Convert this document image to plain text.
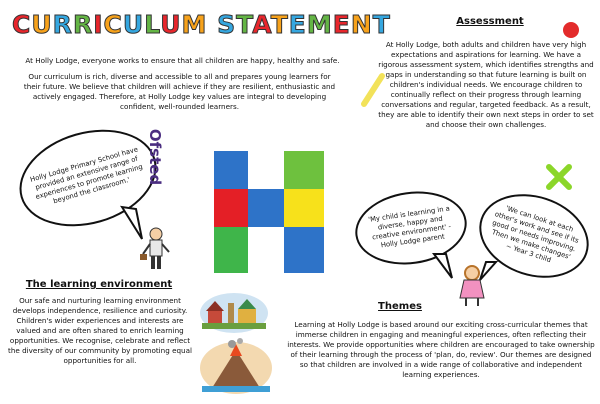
CURRICULUM STATEMENT

At Holly Lodge, everyone works to ensure that all children are happy, healthy and safe.

Our curriculum is rich, diverse and accessible to all and prepares young learners for their future. We believe that children will achieve if they are resilient, enthusiastic and actively engaged. Therefore, at Holly Lodge key values are integral to developing confident, well-rounded learners.

Assessment

At Holly Lodge, both adults and children have very high expectations and aspirations for learning. We have a rigorous assessment system, which identifies strengths and gaps in understanding so that future learning is built on children's individual needs. We encourage children to continually reflect on their progress through learning conversations and regular, targeted feedback. As a result, they are able to identify their own next steps in order to set and choose their own challenges.

Holly Lodge Primary School have provided an extensive range of experiences to promote learning beyond the classroom.'
Ofsted
'My child is learning in a diverse, happy and creative environment' - Holly Lodge parent
'We can look at each other's work and see if its good or needs improving. Then we make changes' ~ Year 3 child

The learning environment

Our safe and nurturing learning environment develops independence, resilience and curiosity. Children's wider experiences and interests are valued and are often shared to enrich learning opportunities. We recognise, celebrate and reflect the diversity of our community by promoting equal opportunities for all.

Themes

Learning at Holly Lodge is based around our exciting cross-curricular themes that immerse children in engaging and meaningful experiences, often reflecting their interests. We provide opportunities where children are encouraged to take ownership of their learning through the process of 'plan, do, review'. Our themes are designed so that children are involved in a wide range of collaborative and independent learning experiences.
